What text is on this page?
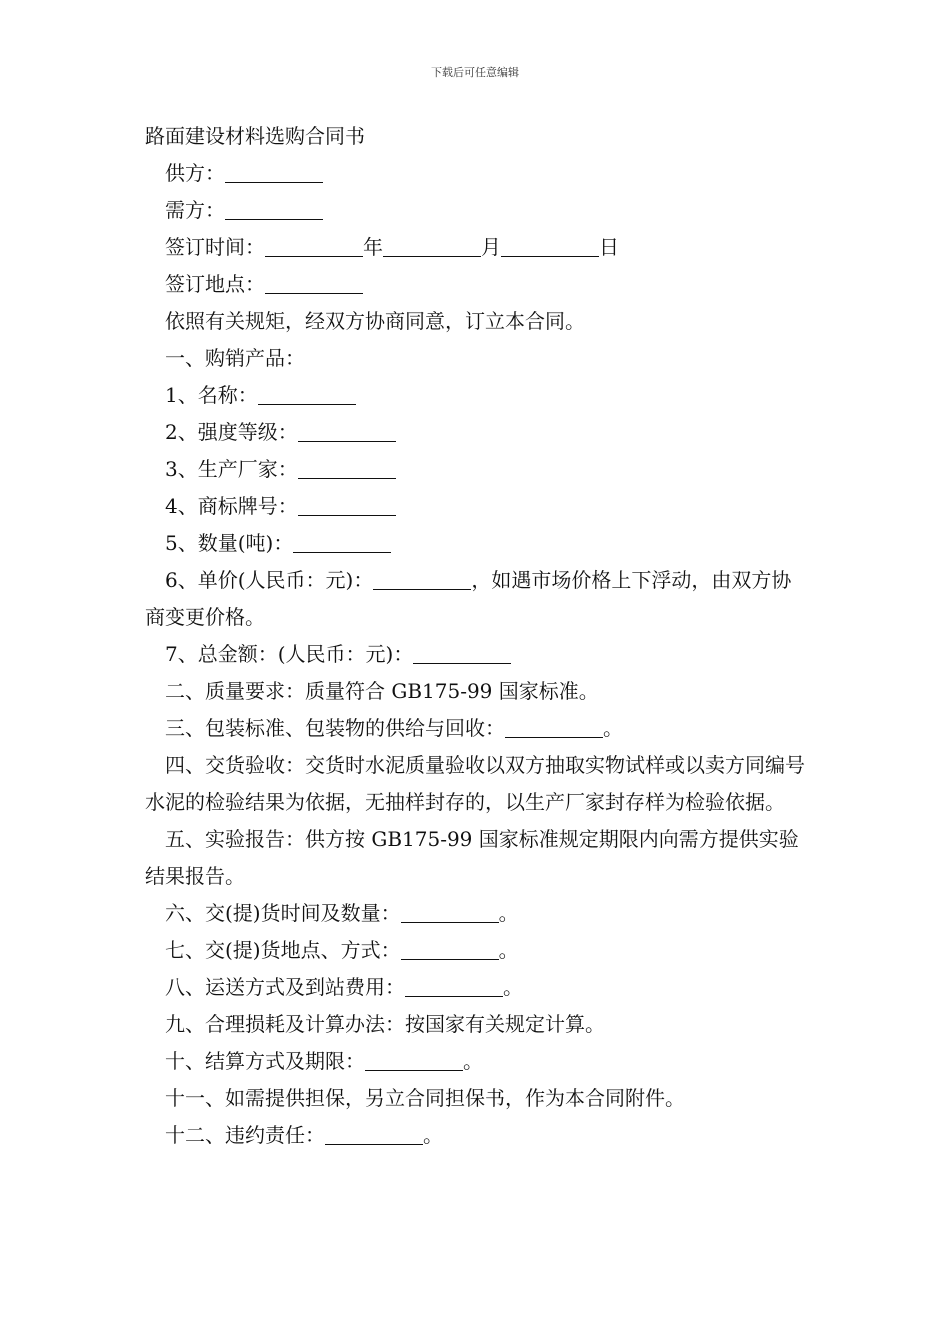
下载后可任意编辑

路面建设材料选购合同书

供方：

需方：

签订时间：	年	月	日

签订地点：

依照有关规矩，经双方协商同意，订立本合同。

一、购销产品：

1、名称：

2、强度等级：

3、生产厂家：

4、商标牌号：

5、数量(吨)：

6、单价(人民币：元)：	，如遇市场价格上下浮动，由双方协商变更价格。

7、总金额：(人民币：元)：

二、质量要求：质量符合 GB175-99 国家标准。

三、包装标准、包装物的供给与回收：	。

四、交货验收：交货时水泥质量验收以双方抽取实物试样或以卖方同编号水泥的检验结果为依据，无抽样封存的，以生产厂家封存样为检验依据。

五、实验报告：供方按 GB175-99 国家标准规定期限内向需方提供实验结果报告。

六、交(提)货时间及数量：	。

七、交(提)货地点、方式：	。

八、运送方式及到站费用：	。

九、合理损耗及计算办法：按国家有关规定计算。

十、结算方式及期限：	。

十一、如需提供担保，另立合同担保书，作为本合同附件。

十二、违约责任：	。
